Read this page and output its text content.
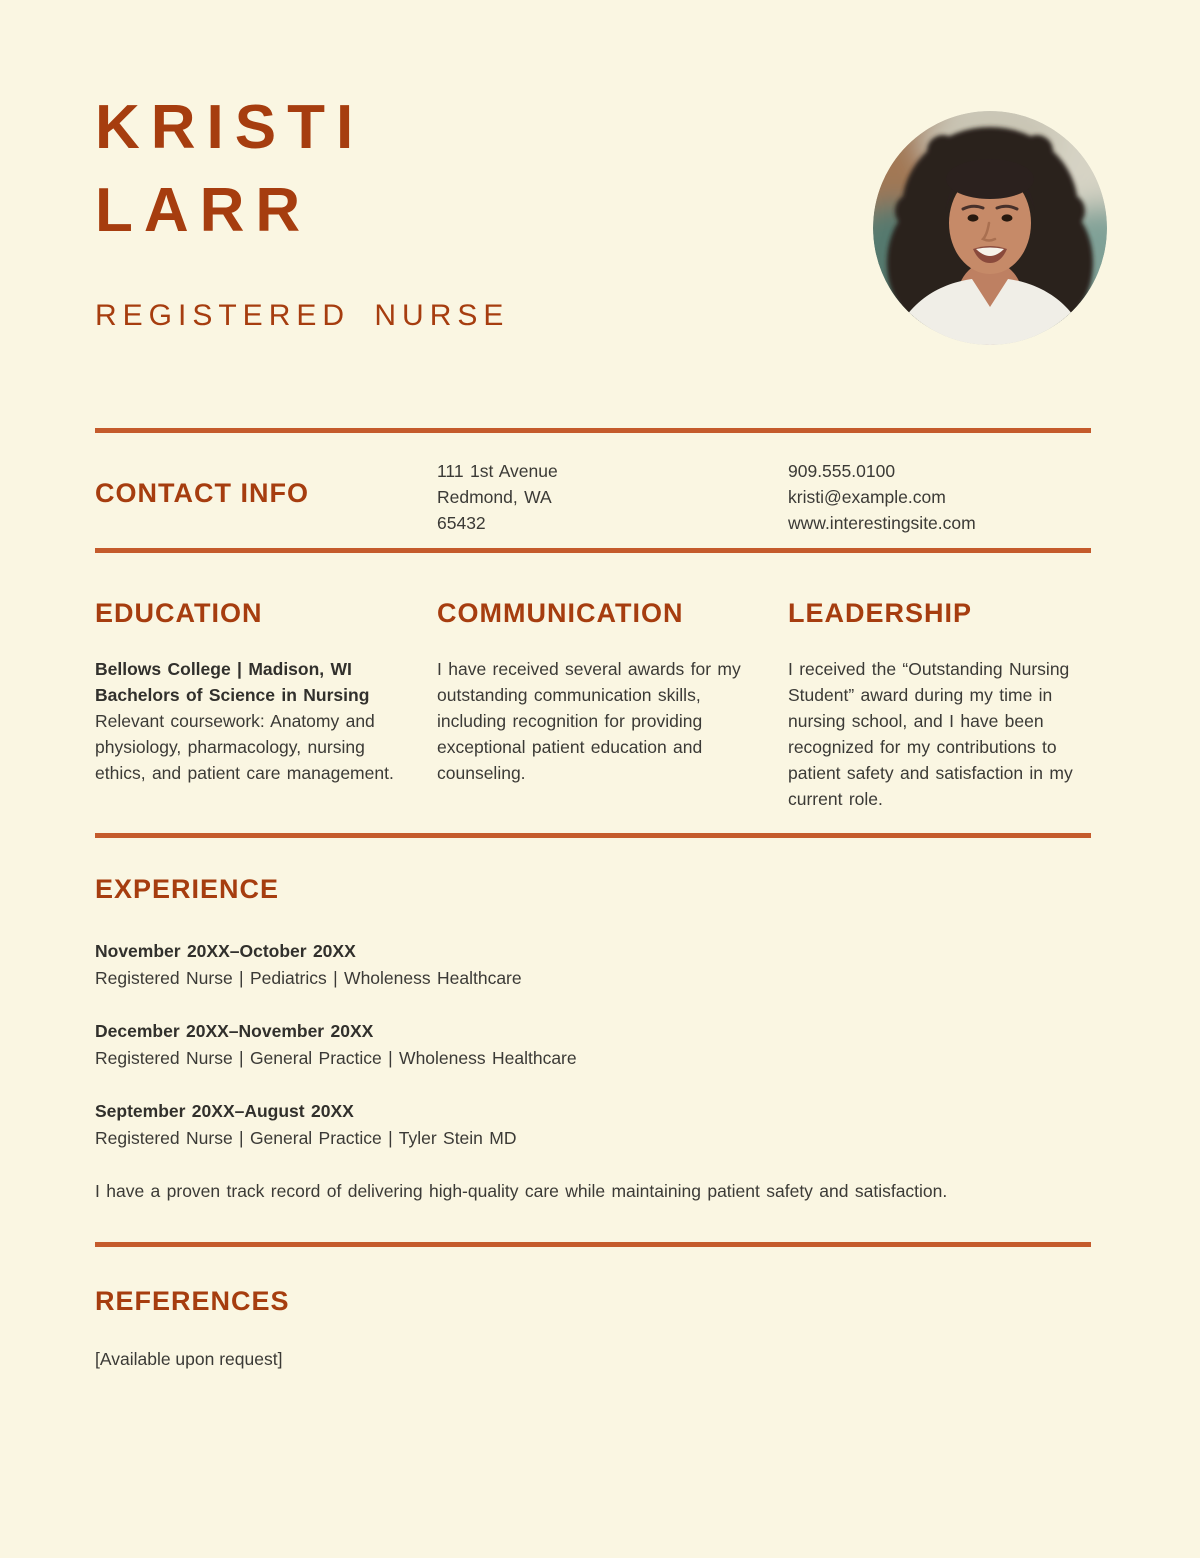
KRISTI
LARR
REGISTERED NURSE
CONTACT INFO
111 1st Avenue
Redmond, WA
65432
909.555.0100
kristi@example.com
www.interestingsite.com
EDUCATION
Bellows College | Madison, WI
Bachelors of Science in Nursing
Relevant coursework: Anatomy and physiology, pharmacology, nursing ethics, and patient care management.
COMMUNICATION
I have received several awards for my outstanding communication skills, including recognition for providing exceptional patient education and counseling.
LEADERSHIP
I received the “Outstanding Nursing Student” award during my time in nursing school, and I have been recognized for my contributions to patient safety and satisfaction in my current role.
EXPERIENCE
November 20XX–October 20XX
Registered Nurse | Pediatrics | Wholeness Healthcare
December 20XX–November 20XX
Registered Nurse | General Practice | Wholeness Healthcare
September 20XX–August 20XX
Registered Nurse | General Practice | Tyler Stein MD
I have a proven track record of delivering high-quality care while maintaining patient safety and satisfaction.
REFERENCES
[Available upon request]
